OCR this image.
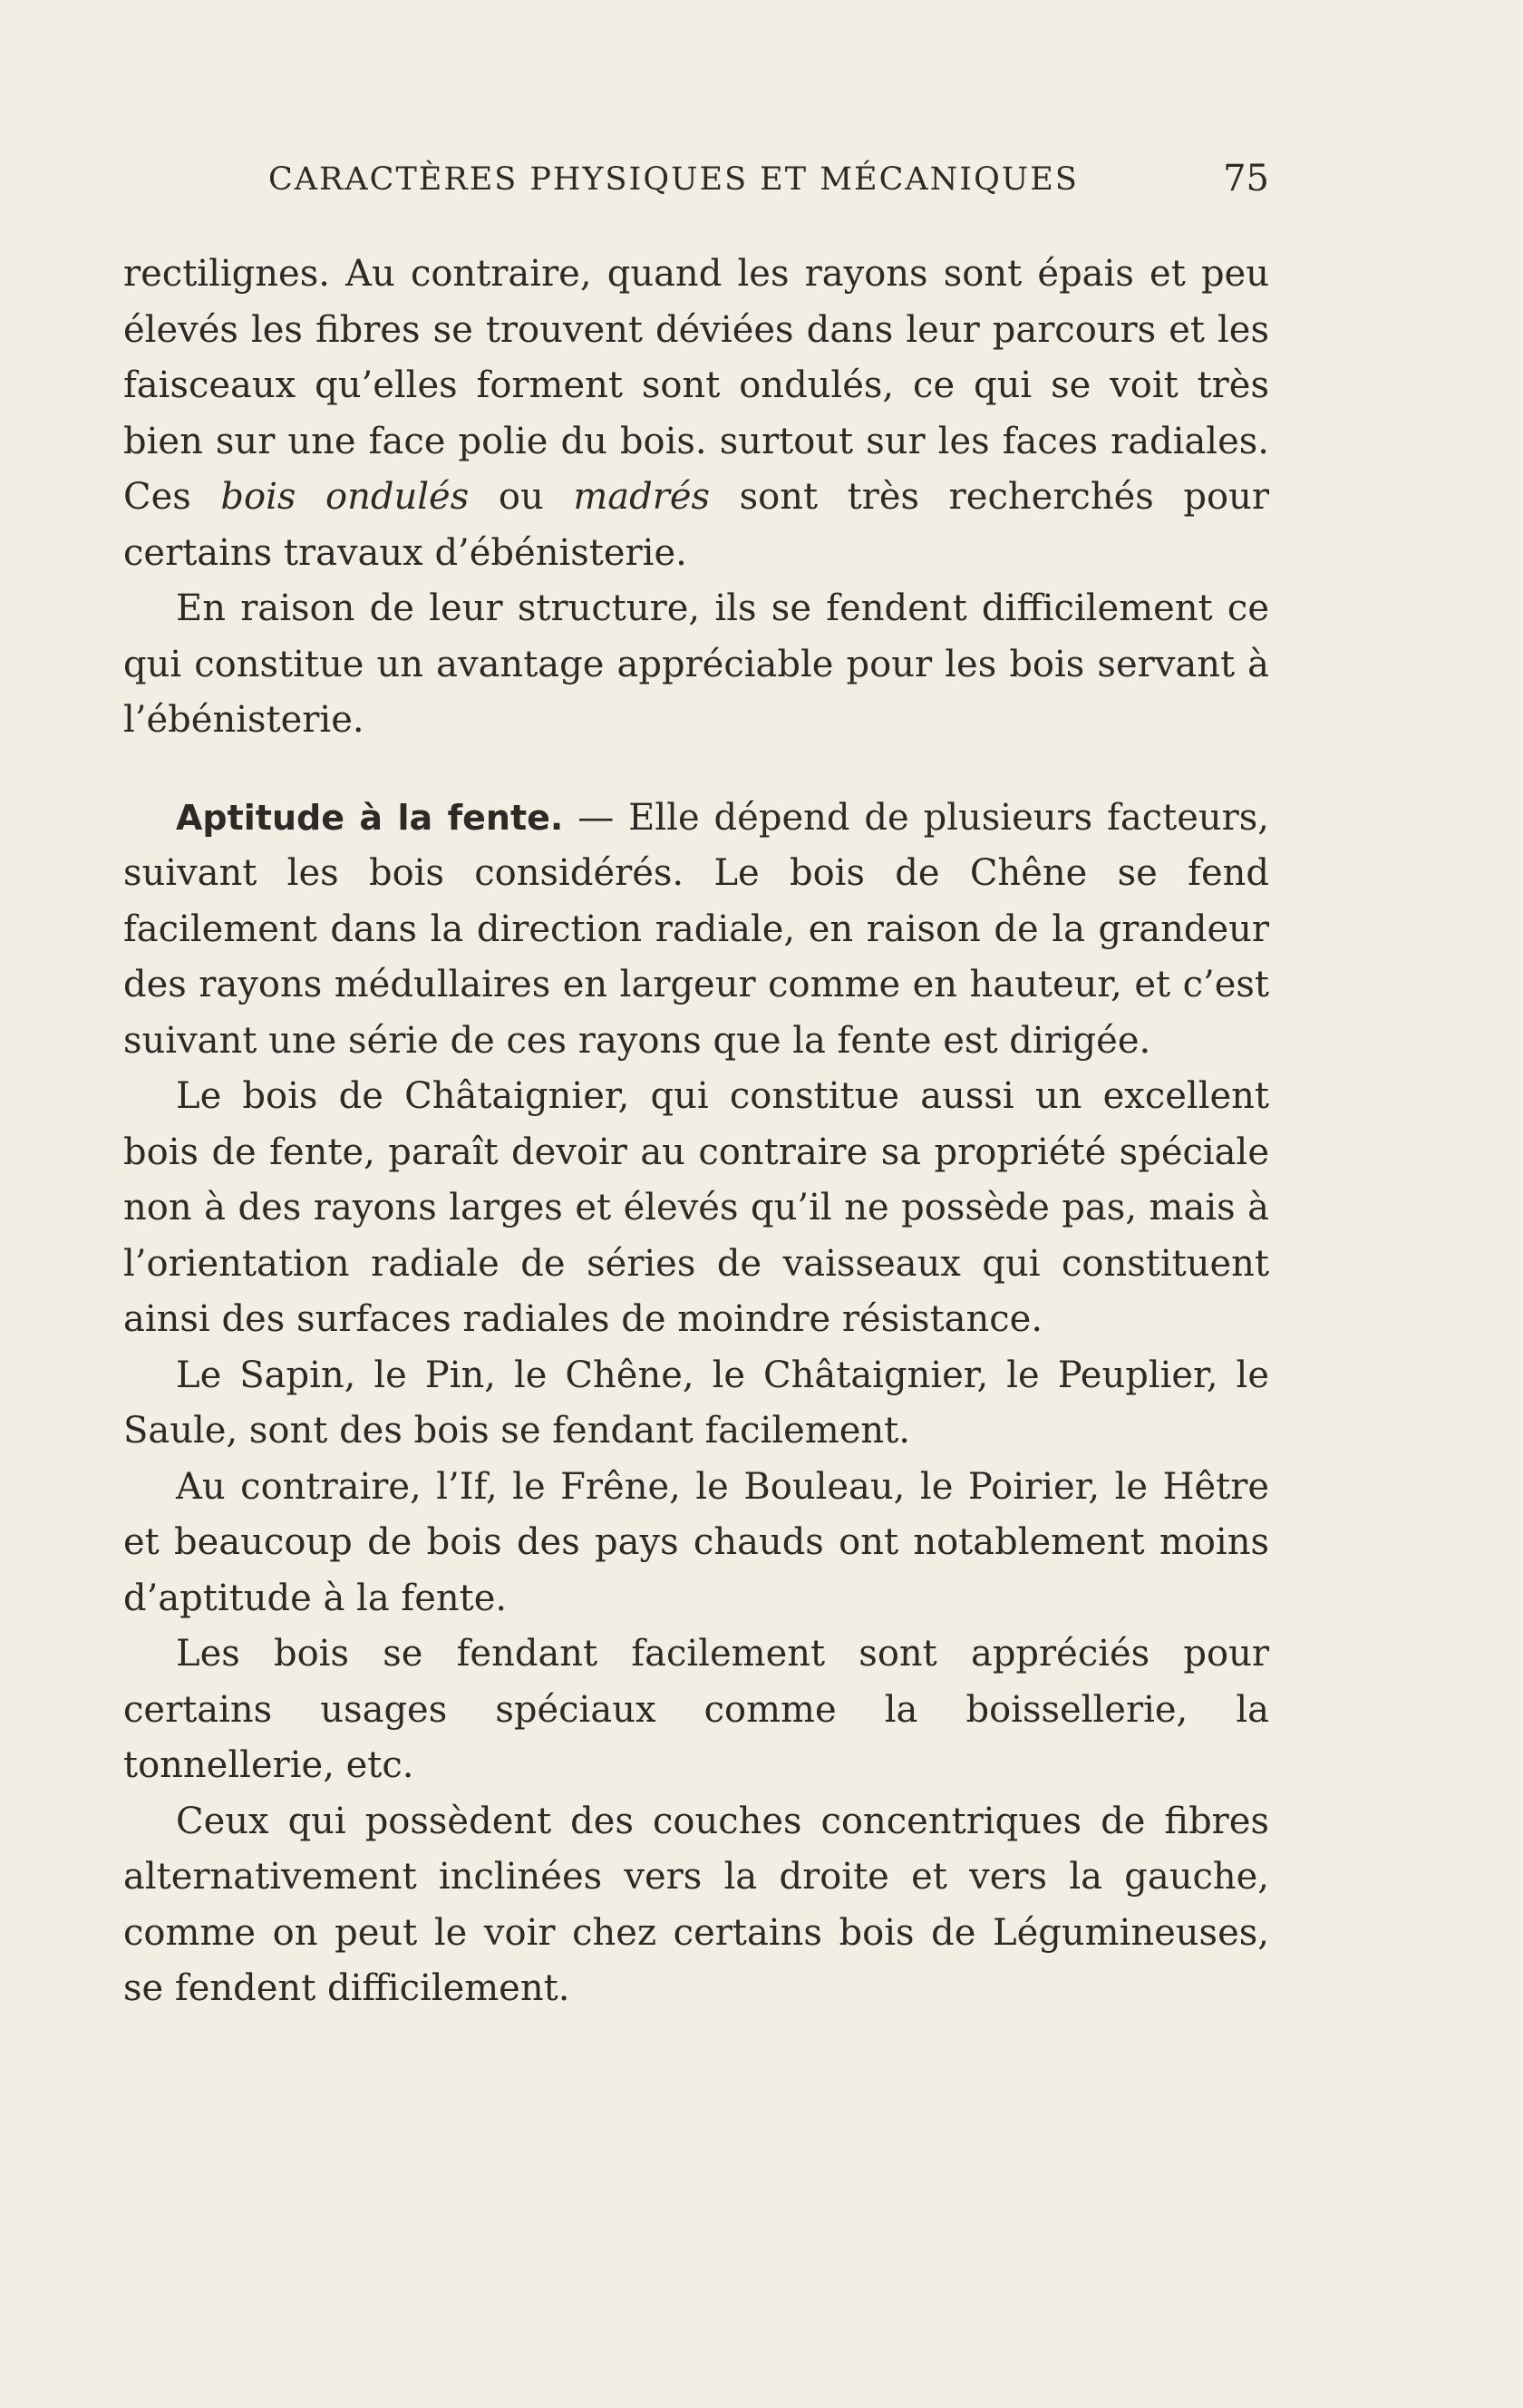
CARACTÈRES PHYSIQUES ET MÉCANIQUES	75

rectilignes. Au contraire, quand les rayons sont épais et peu élevés les fibres se trouvent déviées dans leur parcours et les faisceaux qu’elles forment sont ondulés, ce qui se voit très bien sur une face polie du bois. surtout sur les faces radiales. Ces bois ondulés ou madrés sont très recherchés pour certains travaux d’ébénisterie.

En raison de leur structure, ils se fendent difficilement ce qui constitue un avantage appréciable pour les bois servant à l’ébénisterie.

Aptitude à la fente. — Elle dépend de plusieurs facteurs, suivant les bois considérés. Le bois de Chêne se fend facilement dans la direction radiale, en raison de la grandeur des rayons médullaires en largeur comme en hauteur, et c’est suivant une série de ces rayons que la fente est dirigée.

Le bois de Châtaignier, qui constitue aussi un excellent bois de fente, paraît devoir au contraire sa propriété spéciale non à des rayons larges et élevés qu’il ne possède pas, mais à l’orientation radiale de séries de vaisseaux qui constituent ainsi des surfaces radiales de moindre résistance.

Le Sapin, le Pin, le Chêne, le Châtaignier, le Peuplier, le Saule, sont des bois se fendant facilement.

Au contraire, l’If, le Frêne, le Bouleau, le Poirier, le Hêtre et beaucoup de bois des pays chauds ont notablement moins d’aptitude à la fente.

Les bois se fendant facilement sont appréciés pour certains usages spéciaux comme la boissellerie, la tonnellerie, etc.

Ceux qui possèdent des couches concentriques de fibres alternativement inclinées vers la droite et vers la gauche, comme on peut le voir chez certains bois de Légumineuses, se fendent difficilement.
